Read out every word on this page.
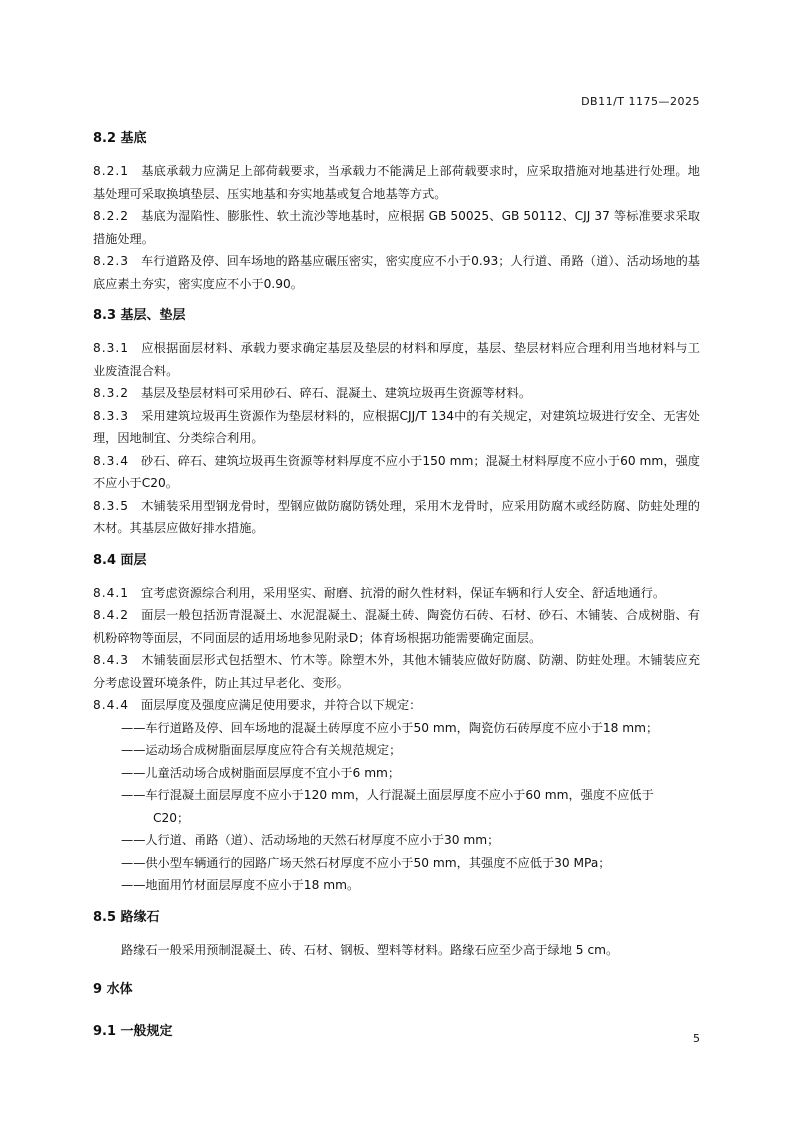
DB11/T 1175—2025
8.2 基底

8.2.1 基底承载力应满足上部荷载要求，当承载力不能满足上部荷载要求时，应采取措施对地基进行处理。地基处理可采取换填垫层、压实地基和夯实地基或复合地基等方式。

8.2.2 基底为湿陷性、膨胀性、软土流沙等地基时，应根据 GB 50025、GB 50112、CJJ 37 等标准要求采取措施处理。

8.2.3 车行道路及停、回车场地的路基应碾压密实，密实度应不小于0.93；人行道、甬路（道）、活动场地的基底应素土夯实，密实度应不小于0.90。

8.3 基层、垫层

8.3.1 应根据面层材料、承载力要求确定基层及垫层的材料和厚度，基层、垫层材料应合理利用当地材料与工业废渣混合料。

8.3.2 基层及垫层材料可采用砂石、碎石、混凝土、建筑垃圾再生资源等材料。

8.3.3 采用建筑垃圾再生资源作为垫层材料的，应根据CJJ/T 134中的有关规定，对建筑垃圾进行安全、无害处理，因地制宜、分类综合利用。

8.3.4 砂石、碎石、建筑垃圾再生资源等材料厚度不应小于150 mm；混凝土材料厚度不应小于60 mm，强度不应小于C20。

8.3.5 木铺装采用型钢龙骨时，型钢应做防腐防锈处理，采用木龙骨时，应采用防腐木或经防腐、防蛀处理的木材。其基层应做好排水措施。

8.4 面层

8.4.1 宜考虑资源综合利用，采用坚实、耐磨、抗滑的耐久性材料，保证车辆和行人安全、舒适地通行。

8.4.2 面层一般包括沥青混凝土、水泥混凝土、混凝土砖、陶瓷仿石砖、石材、砂石、木铺装、合成树脂、有机粉碎物等面层，不同面层的适用场地参见附录D；体育场根据功能需要确定面层。

8.4.3 木铺装面层形式包括塑木、竹木等。除塑木外，其他木铺装应做好防腐、防潮、防蛀处理。木铺装应充分考虑设置环境条件，防止其过早老化、变形。

8.4.4 面层厚度及强度应满足使用要求，并符合以下规定：

——车行道路及停、回车场地的混凝土砖厚度不应小于50 mm，陶瓷仿石砖厚度不应小于18 mm；
——运动场合成树脂面层厚度应符合有关规范规定；
——儿童活动场合成树脂面层厚度不宜小于6 mm；
——车行混凝土面层厚度不应小于120 mm，人行混凝土面层厚度不应小于60 mm，强度不应低于
C20；
——人行道、甬路（道）、活动场地的天然石材厚度不应小于30 mm；
——供小型车辆通行的园路广场天然石材厚度不应小于50 mm，其强度不应低于30 MPa；
——地面用竹材面层厚度不应小于18 mm。
8.5 路缘石

路缘石一般采用预制混凝土、砖、石材、钢板、塑料等材料。路缘石应至少高于绿地 5 cm。

9 水体
9.1 一般规定	5
